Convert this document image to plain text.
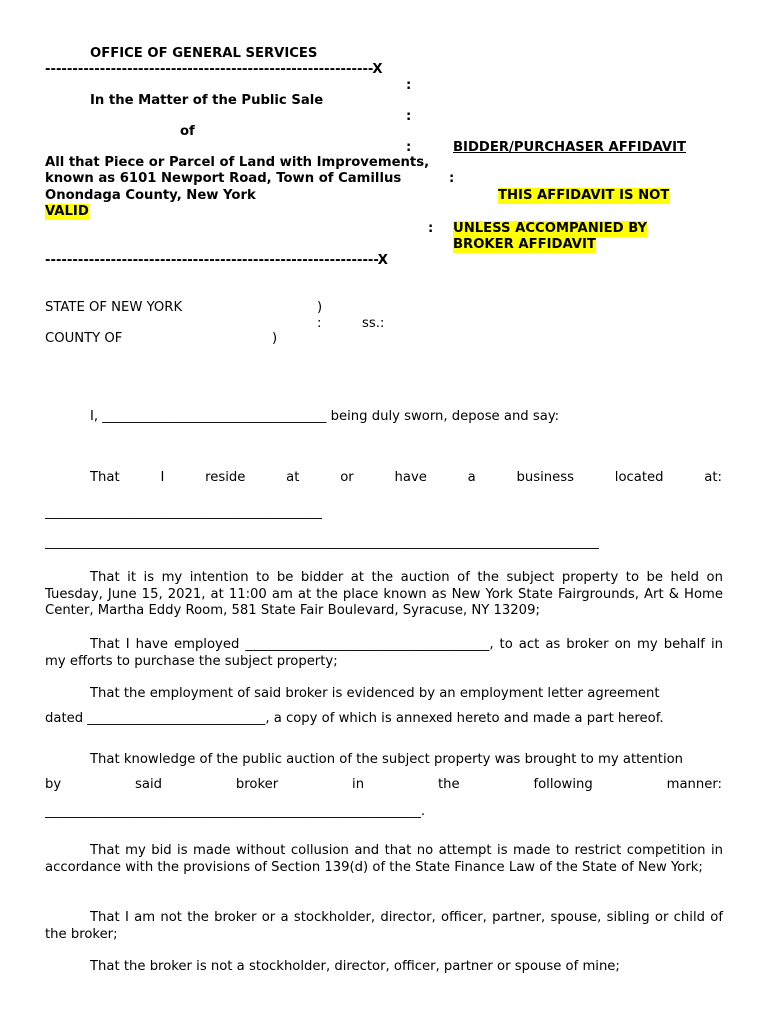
OFFICE OF GENERAL SERVICES
------------------------------------------------------------X
:
In the Matter of the Public Sale
:
of
:	BIDDER/PURCHASER AFFIDAVIT
All that Piece or Parcel of Land with Improvements,
known as 6101 Newport Road, Town of Camillus	:
Onondaga County, New York	THIS AFFIDAVIT IS NOT
VALID
: UNLESS ACCOMPANIED BY
BROKER AFFIDAVIT
-------------------------------------------------------------X
STATE OF NEW YORK	)
:	ss.:
COUNTY OF	)
I, __________________________________ being duly sworn, depose and say:
That	I	reside	at	or	have	a	business	located	at:
__________________________________________
____________________________________________________________________________________
That it is my intention to be bidder at the auction of the subject property to be held on Tuesday, June 15, 2021, at 11:00 am at the place known as New York State Fairgrounds, Art & Home Center, Martha Eddy Room, 581 State Fair Boulevard, Syracuse, NY 13209;
That I have employed _____________________________________, to act as broker on my behalf in my efforts to purchase the subject property;
That the employment of said broker is evidenced by an employment letter agreement
dated ___________________________, a copy of which is annexed hereto and made a part hereof.
That knowledge of the public auction of the subject property was brought to my attention
by	said	broker	in	the	following	manner:
_________________________________________________________.
That my bid is made without collusion and that no attempt is made to restrict competition in accordance with the provisions of Section 139(d) of the State Finance Law of the State of New York;
That I am not the broker or a stockholder, director, officer, partner, spouse, sibling or child of the broker;
That the broker is not a stockholder, director, officer, partner or spouse of mine;
